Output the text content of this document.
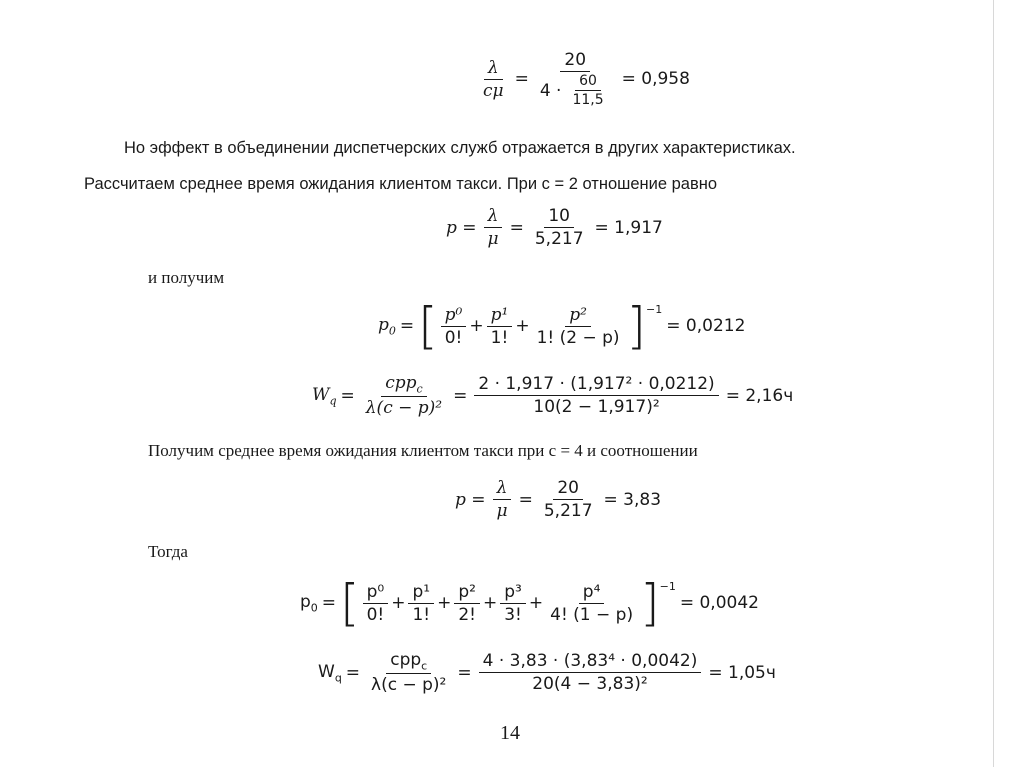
$\frac{\lambda}{c\mu} = \frac{20}{4 \cdot \frac{60}{11,5}} = 0,958$
Но эффект в объединении диспетчерских служб отражается в других характеристиках.
Рассчитаем среднее время ожидания клиентом такси. При с = 2 отношение равно
$p = \frac{\lambda}{\mu} = \frac{10}{5,217} = 1,917$
и получим
$p_0$ = [ $\frac{\text{p⁰}}{0!} + \frac{\text{p¹}}{1!} + \frac{\text{p²}}{1! (2 - p)} ]^{-1}$
= 0,0212
$W_q = \frac{cpp_c}{\text{λ(c − p)²}} = \frac{\text{2 · 1,917 · (1,917² · 0,0212)}}{\text{10(2 − 1,917)²}} = 2,16ч$
Получим среднее время ожидания клиентом такси при с = 4 и соотношении
$p = \frac{\lambda}{\mu} = \frac{20}{5,217} = 3,83$
Тогда
$p_0$ = [ $\frac{\text{p⁰}}{0!} + \frac{\text{p¹}}{1!} + \frac{\text{p²}}{2!} + \frac{\text{p³}}{3!} + \frac{\text{p⁴}}{4! (1 - p)} ]^{-1}$
= 0,0042
$W_q = \frac{cpp_c}{\text{λ(c − p)²}} = \frac{\text{4 · 3,83 · (3,83⁴ · 0,0042)}}{\text{20(4 − 3,83)²}} = 1,05ч$
14
